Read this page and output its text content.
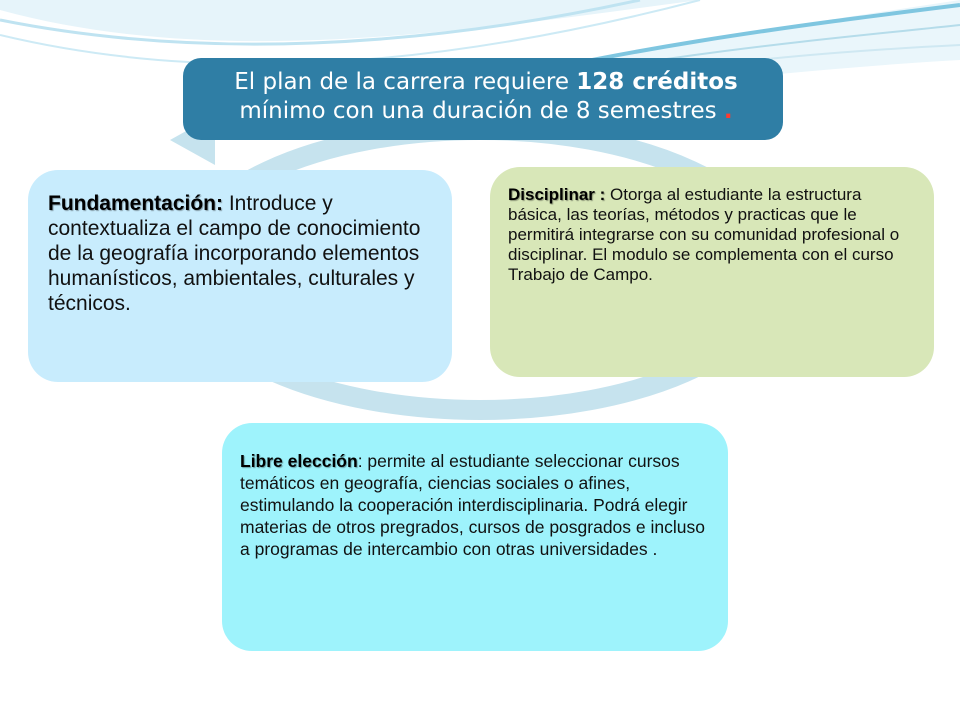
El plan de la carrera requiere 128 créditos mínimo con una duración de 8 semestres .
Fundamentación: Introduce y contextualiza el campo de conocimiento de la geografía incorporando elementos humanísticos, ambientales, culturales y técnicos.
Disciplinar : Otorga al estudiante la estructura básica, las teorías, métodos y practicas que le permitirá integrarse con su comunidad profesional o disciplinar. El modulo se complementa con el curso Trabajo de Campo.
Libre elección: permite al estudiante seleccionar cursos temáticos en geografía, ciencias sociales o afines, estimulando la cooperación interdisciplinaria. Podrá elegir materias de otros pregrados, cursos de posgrados e incluso a programas de intercambio con otras universidades .
